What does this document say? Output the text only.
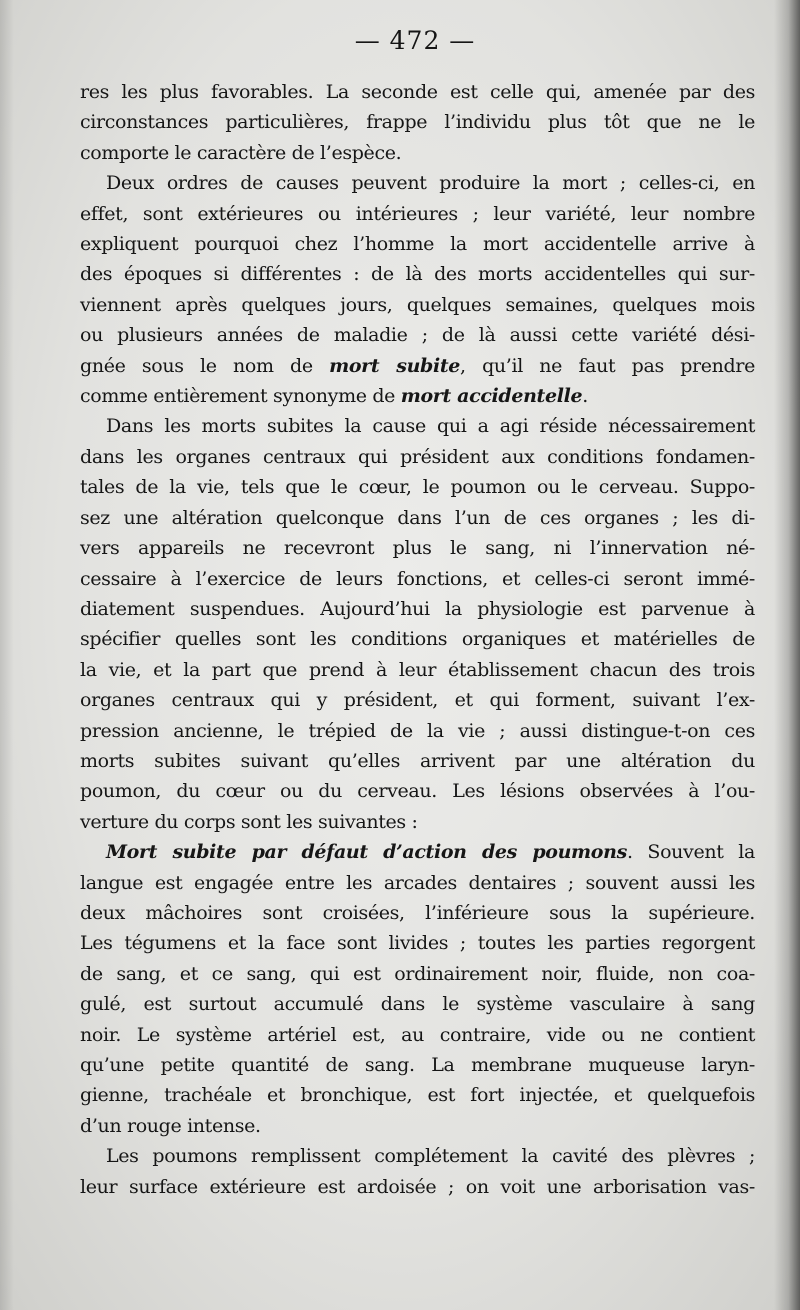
— 472 —
res les plus favorables. La seconde est celle qui, amenée par des
circonstances particulières, frappe l’individu plus tôt que ne le
comporte le caractère de l’espèce.
Deux ordres de causes peuvent produire la mort ; celles-ci, en
effet, sont extérieures ou intérieures ; leur variété, leur nombre
expliquent pourquoi chez l’homme la mort accidentelle arrive à
des époques si différentes : de là des morts accidentelles qui sur-
viennent après quelques jours, quelques semaines, quelques mois
ou plusieurs années de maladie ; de là aussi cette variété dési-
gnée sous le nom de mort subite, qu’il ne faut pas prendre
comme entièrement synonyme de mort accidentelle.
Dans les morts subites la cause qui a agi réside nécessairement
dans les organes centraux qui président aux conditions fondamen-
tales de la vie, tels que le cœur, le poumon ou le cerveau. Suppo-
sez une altération quelconque dans l’un de ces organes ; les di-
vers appareils ne recevront plus le sang, ni l’innervation né-
cessaire à l’exercice de leurs fonctions, et celles-ci seront immé-
diatement suspendues. Aujourd’hui la physiologie est parvenue à
spécifier quelles sont les conditions organiques et matérielles de
la vie, et la part que prend à leur établissement chacun des trois
organes centraux qui y président, et qui forment, suivant l’ex-
pression ancienne, le trépied de la vie ; aussi distingue-t-on ces
morts subites suivant qu’elles arrivent par une altération du
poumon, du cœur ou du cerveau. Les lésions observées à l’ou-
verture du corps sont les suivantes :
Mort subite par défaut d’action des poumons. Souvent la
langue est engagée entre les arcades dentaires ; souvent aussi les
deux mâchoires sont croisées, l’inférieure sous la supérieure.
Les tégumens et la face sont livides ; toutes les parties regorgent
de sang, et ce sang, qui est ordinairement noir, fluide, non coa-
gulé, est surtout accumulé dans le système vasculaire à sang
noir. Le système artériel est, au contraire, vide ou ne contient
qu’une petite quantité de sang. La membrane muqueuse laryn-
gienne, trachéale et bronchique, est fort injectée, et quelquefois
d’un rouge intense.
Les poumons remplissent complétement la cavité des plèvres ;
leur surface extérieure est ardoisée ; on voit une arborisation vas-
